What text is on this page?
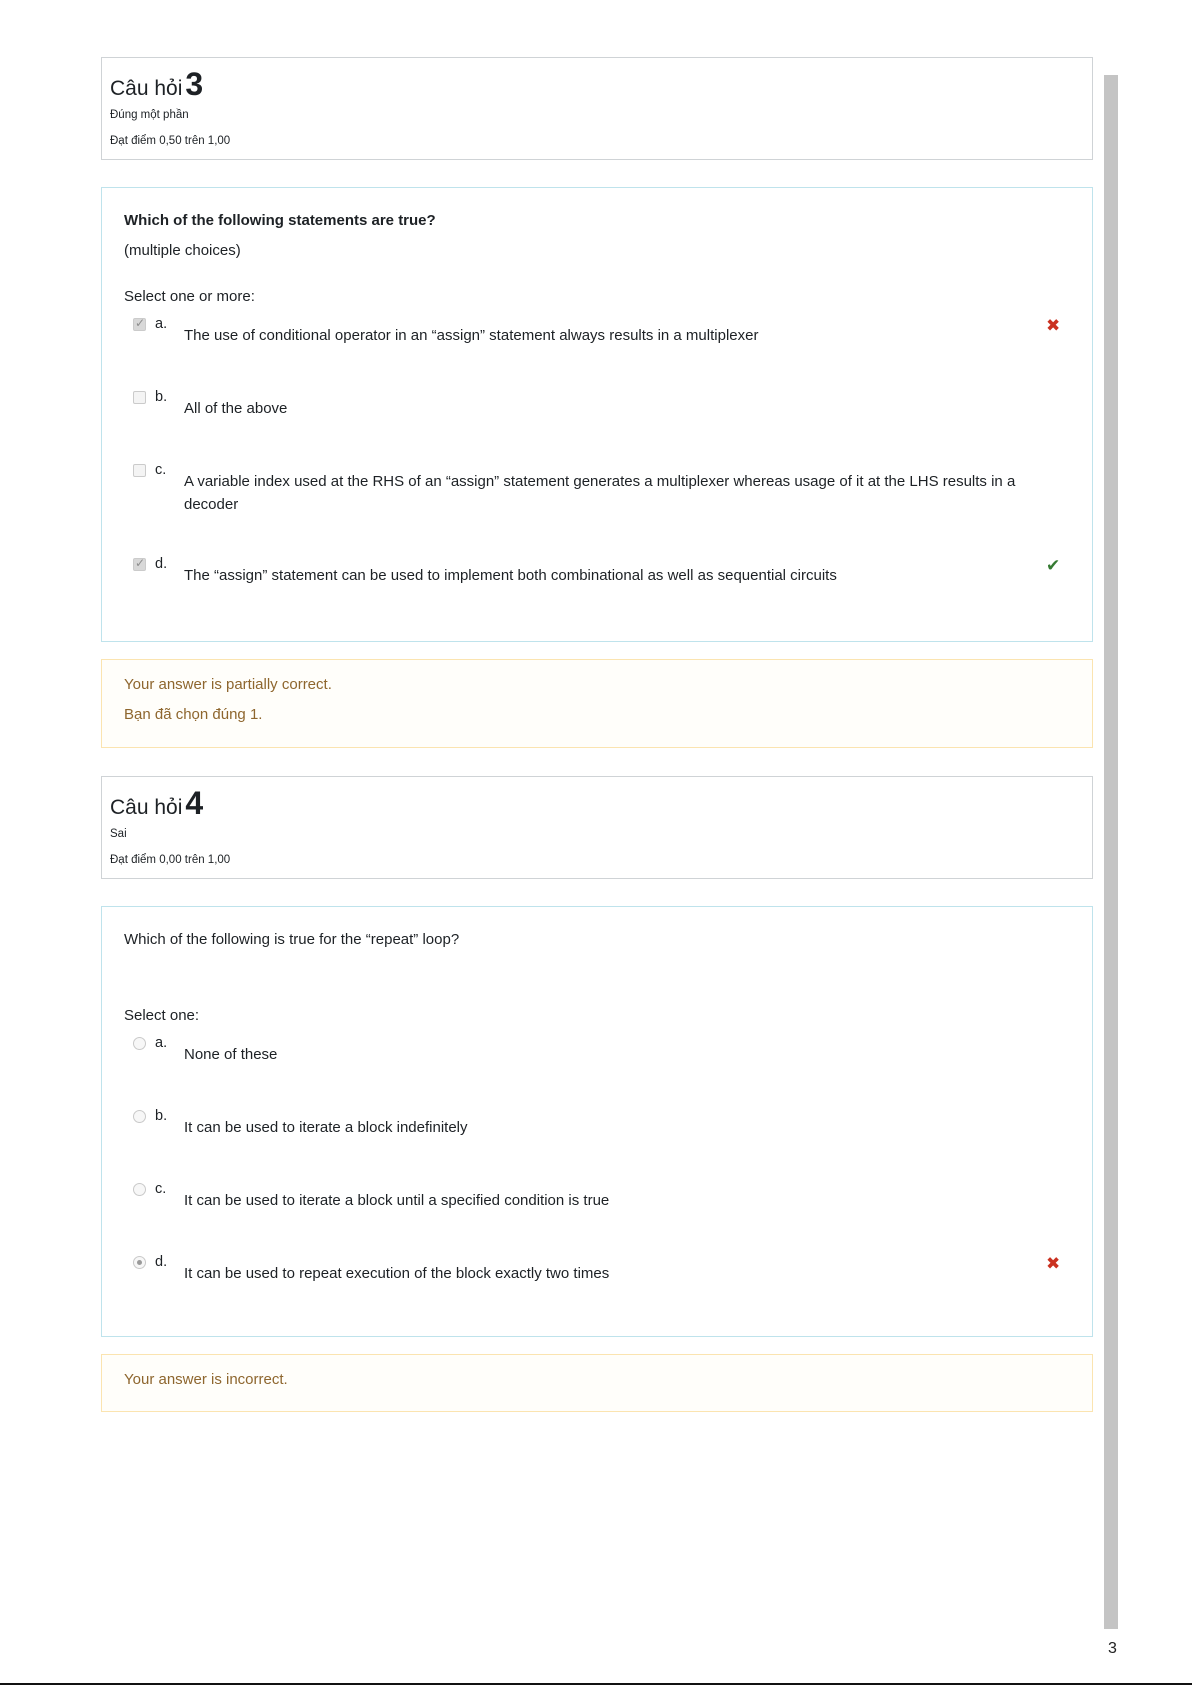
Câu hỏi3
Đúng một phần
Đạt điểm 0,50 trên 1,00
Which of the following statements are true?
(multiple choices)
Select one or more:
✓
a.
The use of conditional operator in an “assign” statement always results in a multiplexer	✖
b.
All of the above
c.
A variable index used at the RHS of an “assign” statement generates a multiplexer whereas usage of it at the LHS results in a decoder
✓
d.
The “assign” statement can be used to implement both combinational as well as sequential circuits	✔
Your answer is partially correct.
Bạn đã chọn đúng 1.
Câu hỏi4
Sai
Đạt điểm 0,00 trên 1,00
Which of the following is true for the “repeat” loop?
Select one:
a.
None of these
b.
It can be used to iterate a block indefinitely
c.
It can be used to iterate a block until a specified condition is true
d.
It can be used to repeat execution of the block exactly two times	✖
Your answer is incorrect.
3
